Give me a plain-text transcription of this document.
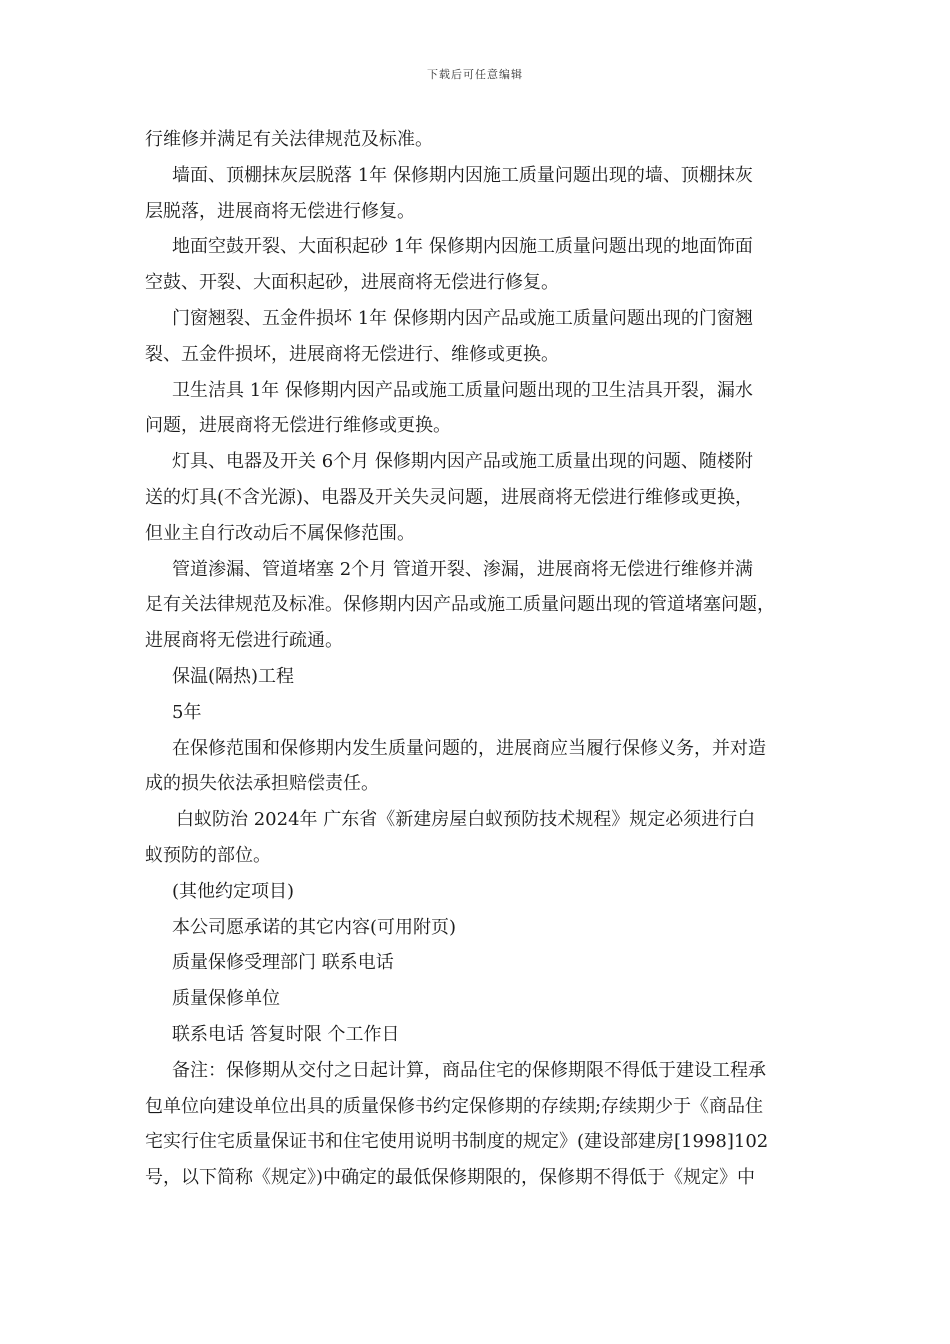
下载后可任意编辑

行维修并满足有关法律规范及标准。

墙面、顶棚抹灰层脱落 1年 保修期内因施工质量问题出现的墙、顶棚抹灰

层脱落，进展商将无偿进行修复。

地面空鼓开裂、大面积起砂 1年 保修期内因施工质量问题出现的地面饰面

空鼓、开裂、大面积起砂，进展商将无偿进行修复。

门窗翘裂、五金件损坏 1年 保修期内因产品或施工质量问题出现的门窗翘

裂、五金件损坏，进展商将无偿进行、维修或更换。

卫生洁具 1年 保修期内因产品或施工质量问题出现的卫生洁具开裂，漏水

问题，进展商将无偿进行维修或更换。

灯具、电器及开关 6个月 保修期内因产品或施工质量出现的问题、随楼附

送的灯具(不含光源)、电器及开关失灵问题，进展商将无偿进行维修或更换，

但业主自行改动后不属保修范围。

管道渗漏、管道堵塞 2个月 管道开裂、渗漏，进展商将无偿进行维修并满

足有关法律规范及标准。保修期内因产品或施工质量问题出现的管道堵塞问题，

进展商将无偿进行疏通。

保温(隔热)工程

5年

在保修范围和保修期内发生质量问题的，进展商应当履行保修义务，并对造

成的损失依法承担赔偿责任。

白蚁防治 2024年 广东省《新建房屋白蚁预防技术规程》规定必须进行白

蚁预防的部位。

(其他约定项目)

本公司愿承诺的其它内容(可用附页)

质量保修受理部门 联系电话

质量保修单位

联系电话 答复时限 个工作日

备注：保修期从交付之日起计算，商品住宅的保修期限不得低于建设工程承

包单位向建设单位出具的质量保修书约定保修期的存续期;存续期少于《商品住

宅实行住宅质量保证书和住宅使用说明书制度的规定》(建设部建房[1998]102

号，以下简称《规定》)中确定的最低保修期限的，保修期不得低于《规定》中
